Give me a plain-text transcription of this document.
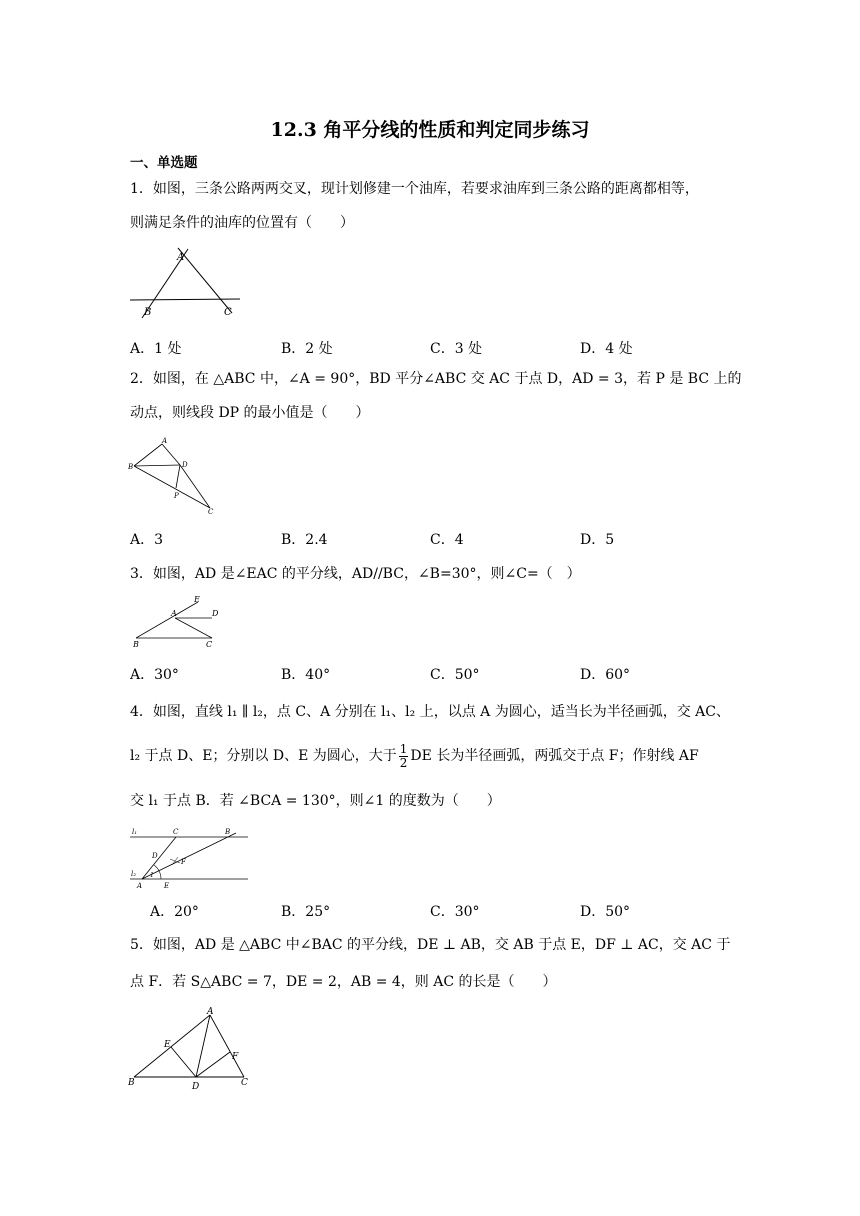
12.3 角平分线的性质和判定同步练习
一、单选题
1．如图，三条公路两两交叉，现计划修建一个油库，若要求油库到三条公路的距离都相等，
则满足条件的油库的位置有（　　）
A
B	C
A．1 处	B．2 处	C．3 处	D．4 处
2．如图，在 △ABC 中，∠A = 90°，BD 平分∠ABC 交 AC 于点 D，AD = 3，若 P 是 BC 上的
动点，则线段 DP 的最小值是（　　）
A
B	D
P
C
A．3	B．2.4	C．4	D．5
3．如图，AD 是∠EAC 的平分线，AD//BC，∠B=30°，则∠C=（　）
E
A	D
B	C
A．30°	B．40°	C．50°	D．60°
4．如图，直线 l₁ ∥ l₂，点 C、A 分别在 l₁、l₂ 上，以点 A 为圆心，适当长为半径画弧，交 AC、
l₂ 于点 D、E；分别以 D、E 为圆心，大于 $\frac{1}{2}$ DE 长为半径画弧，两弧交于点 F；作射线 AF
交 l₁ 于点 B．若 ∠BCA = 130°，则∠1 的度数为（　　）
l₁	C	B
D
F
l₂
A
1
E
A．20°	B．25°	C．30°	D．50°
5．如图，AD 是 △ABC 中∠BAC 的平分线，DE ⊥ AB，交 AB 于点 E，DF ⊥ AC，交 AC 于
点 F．若 S△ABC = 7，DE = 2，AB = 4，则 AC 的长是（　　）
A
E
F
B	D	C
